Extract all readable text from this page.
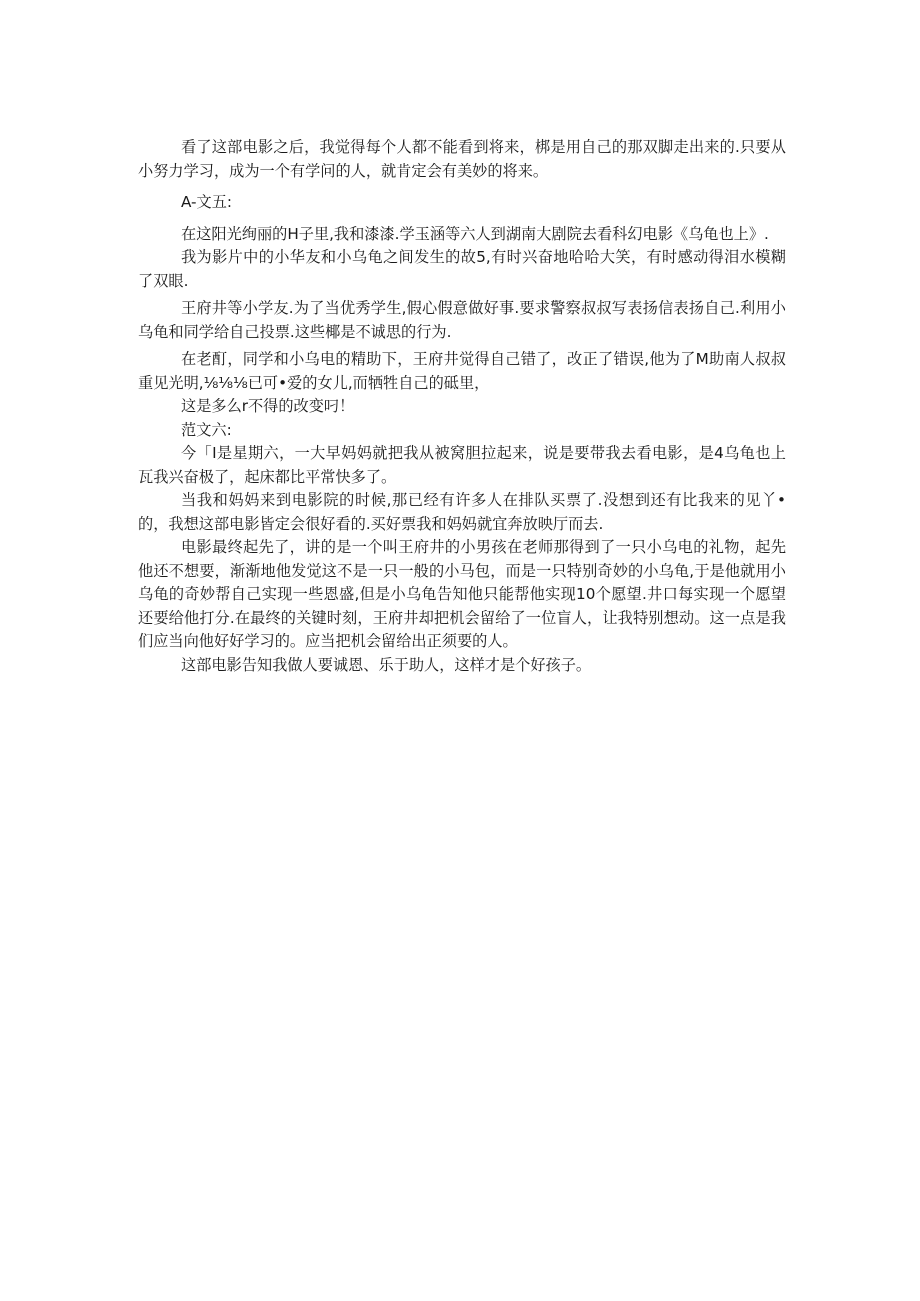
看了这部电影之后，我觉得每个人都不能看到将来，梆是用自己的那双脚走出来的.只要从小努力学习，成为一个有学问的人，就肯定会有美妙的将来。

A-文五:

在这阳光绚丽的H子里,我和漆漆.学玉涵等六人到湖南大剧院去看科幻电影《乌龟也上》.

我为影片中的小华友和小乌龟之间发生的故5,有时兴奋地哈哈大笑，有时感动得泪水模糊了双眼.

王府井等小学友.为了当优秀学生,假心假意做好事.要求警察叔叔写表扬信表扬自己.利用小乌龟和同学给自己投票.这些椰是不诚思的行为.

在老酊，同学和小乌电的精助下，王府井觉得自己错了，改正了错误,他为了M助南人叔叔重见光明,⅛⅛⅛已可•爱的女儿,而牺牲自己的砥里，

这是多么r不得的改变叼！

范文六:

今「I是星期六，一大早妈妈就把我从被窝胆拉起来，说是要带我去看电影，是4乌龟也上瓦我兴奋极了，起床都比平常快多了。

当我和妈妈来到电影院的时候,那已经有许多人在排队买票了.没想到还有比我来的见丫•的，我想这部电影皆定会很好看的.买好票我和妈妈就宜奔放映厅而去.

电影最终起先了，讲的是一个叫王府井的小男孩在老师那得到了一只小乌电的礼物，起先他还不想要，渐渐地他发觉这不是一只一般的小马包，而是一只特别奇妙的小乌龟,于是他就用小乌龟的奇妙帮自己实现一些恩盛,但是小乌龟告知他只能帮他实现10个愿望.井口每实现一个愿望还要给他打分.在最终的关键时刻，王府井却把机会留给了一位盲人，让我特别想动。这一点是我们应当向他好好学习的。应当把机会留给出正须要的人。

这部电影告知我做人要诚恩、乐于助人，这样才是个好孩子。
